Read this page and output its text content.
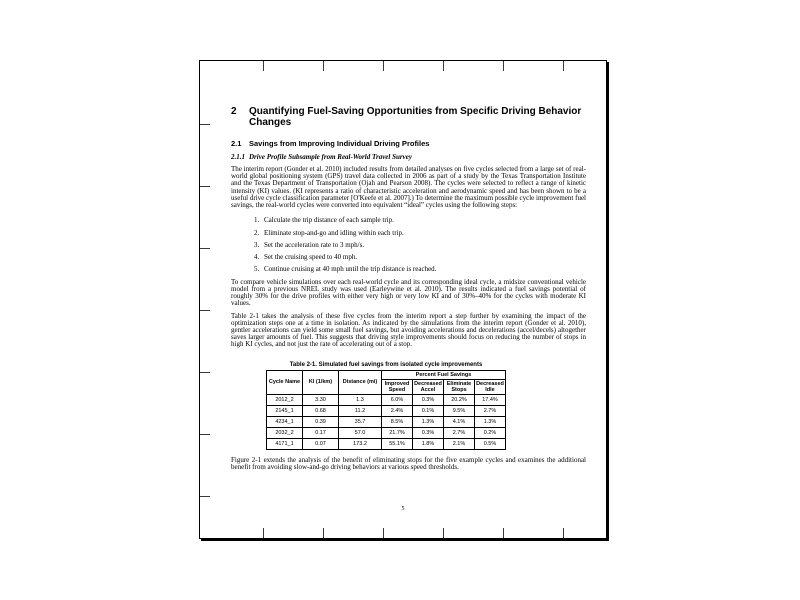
2 Quantifying Fuel-Saving Opportunities from Specific Driving Behavior Changes
2.1 Savings from Improving Individual Driving Profiles
2.1.1 Drive Profile Subsample from Real-World Travel Survey

The interim report (Gonder et al. 2010) included results from detailed analyses on five cycles selected from a large set of real-world global positioning system (GPS) travel data collected in 2006 as part of a study by the Texas Transportation Institute and the Texas Department of Transportation (Ojah and Pearson 2008). The cycles were selected to reflect a range of kinetic intensity (KI) values. (KI represents a ratio of characteristic acceleration and aerodynamic speed and has been shown to be a useful drive cycle classification parameter [O'Keefe et al. 2007].) To determine the maximum possible cycle improvement fuel savings, the real-world cycles were converted into equivalent “ideal” cycles using the following steps:

1. Calculate the trip distance of each sample trip.
2. Eliminate stop-and-go and idling within each trip.
3. Set the acceleration rate to 3 mph/s.
4. Set the cruising speed to 40 mph.
5. Continue cruising at 40 mph until the trip distance is reached.

To compare vehicle simulations over each real-world cycle and its corresponding ideal cycle, a midsize conventional vehicle model from a previous NREL study was used (Earleywine et al. 2010). The results indicated a fuel savings potential of roughly 30% for the drive profiles with either very high or very low KI and of 30%–40% for the cycles with moderate KI values.

Table 2-1 takes the analysis of these five cycles from the interim report a step further by examining the impact of the optimization steps one at a time in isolation. As indicated by the simulations from the interim report (Gonder et al. 2010), gentler accelerations can yield some small fuel savings, but avoiding accelerations and decelerations (accel/decels) altogether saves larger amounts of fuel. This suggests that driving style improvements should focus on reducing the number of stops in high KI cycles, and not just the rate of accelerating out of a stop.

Table 2-1. Simulated fuel savings from isolated cycle improvements
Cycle Name	KI (1/km)	Distance (mi)	Percent Fuel Savings			
			Improved Speed	Decreased Accel	Eliminate Stops	Decreased Idle
2012_2	3.30	1.3	6.0%	0.3%	20.2%	17.4%
2145_1	0.68	11.2	2.4%	0.1%	9.5%	2.7%
4234_1	0.39	35.7	8.5%	1.3%	4.1%	1.3%
2032_2	0.17	57.0	21.7%	0.3%	2.7%	0.2%
4171_1	0.07	173.2	55.1%	1.8%	2.1%	0.5%

Figure 2-1 extends the analysis of the benefit of eliminating stops for the five example cycles and examines the additional benefit from avoiding slow-and-go driving behaviors at various speed thresholds.

5
